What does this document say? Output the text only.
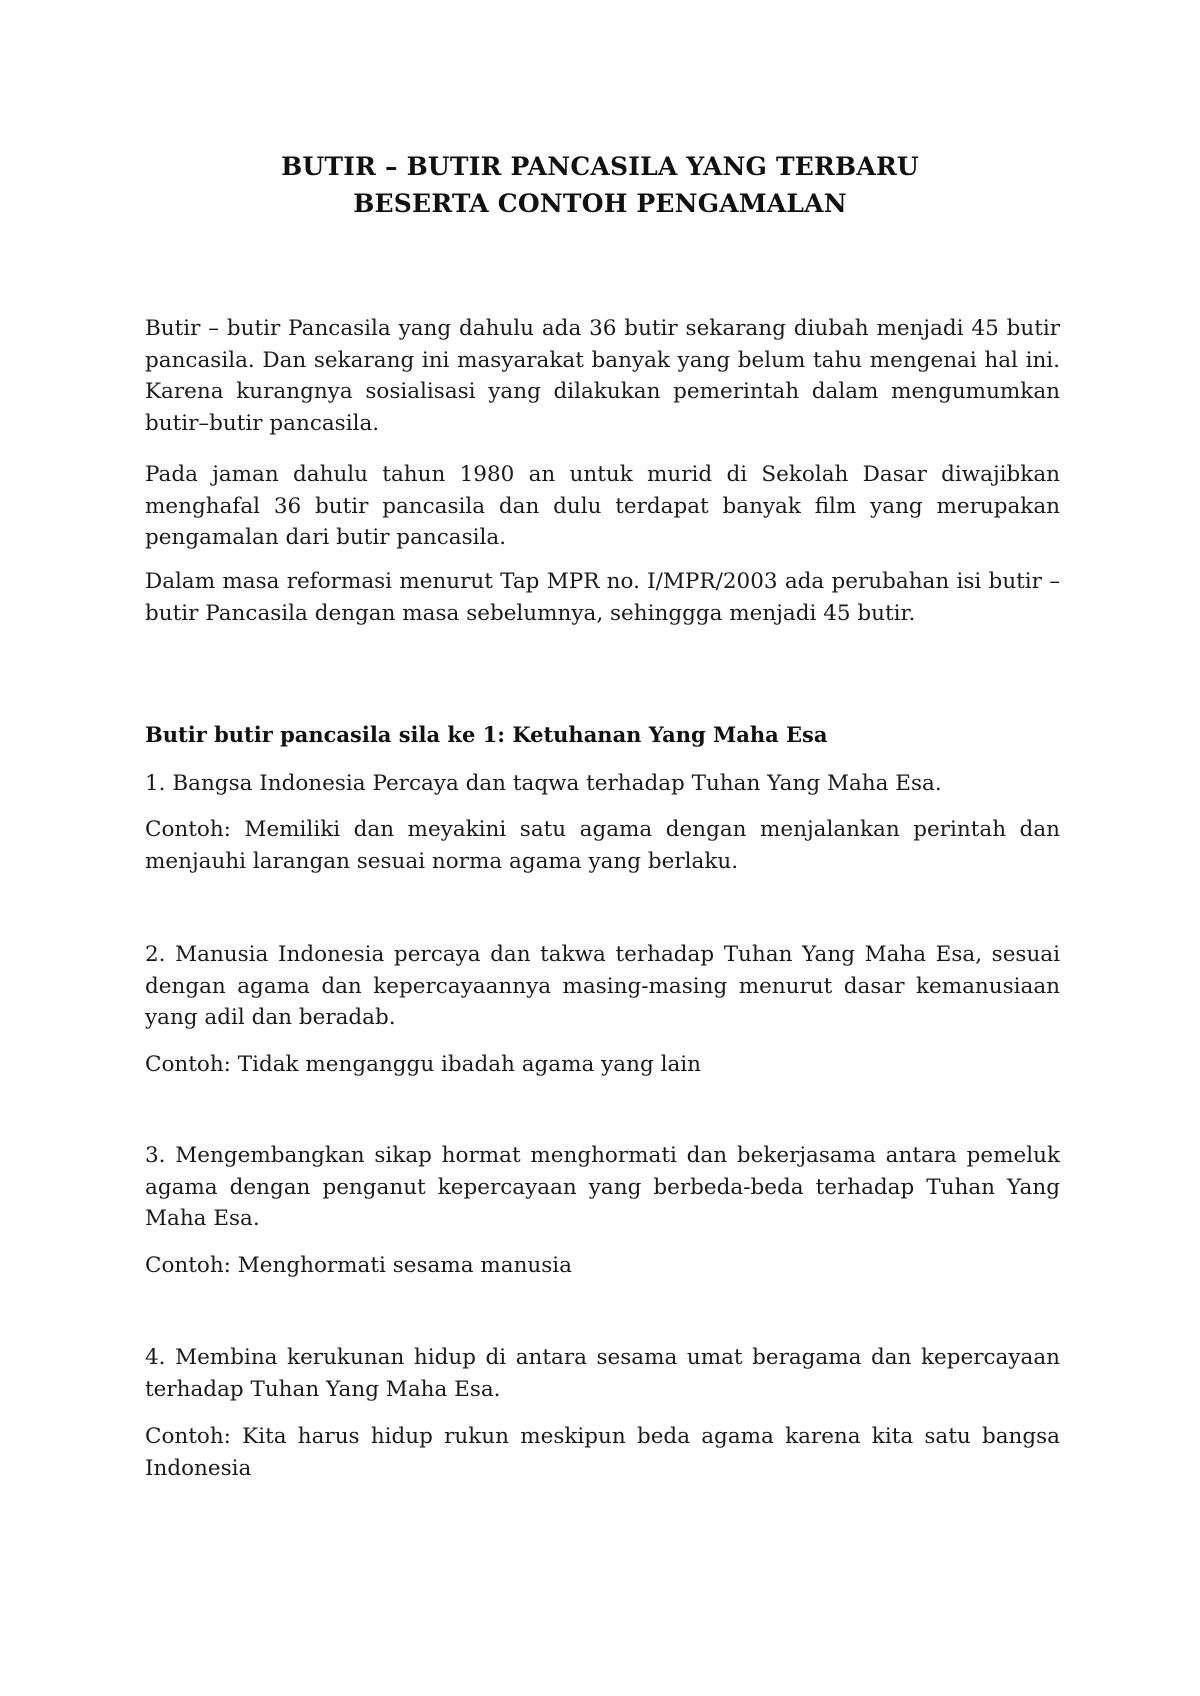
BUTIR – BUTIR PANCASILA YANG TERBARU
BESERTA CONTOH PENGAMALAN
Butir – butir Pancasila yang dahulu ada 36 butir sekarang diubah menjadi 45 butir pancasila. Dan sekarang ini masyarakat banyak yang belum tahu mengenai hal ini. Karena kurangnya sosialisasi yang dilakukan pemerintah dalam mengumumkan butir–butir pancasila.
Pada jaman dahulu tahun 1980 an untuk murid di Sekolah Dasar diwajibkan menghafal 36 butir pancasila dan dulu terdapat banyak film yang merupakan pengamalan dari butir pancasila.
Dalam masa reformasi menurut Tap MPR no. I/MPR/2003 ada perubahan isi butir – butir Pancasila dengan masa sebelumnya, sehinggga menjadi 45 butir.
Butir butir pancasila sila ke 1: Ketuhanan Yang Maha Esa
1. Bangsa Indonesia Percaya dan taqwa terhadap Tuhan Yang Maha Esa.
Contoh: Memiliki dan meyakini satu agama dengan menjalankan perintah dan menjauhi larangan sesuai norma agama yang berlaku.
2. Manusia Indonesia percaya dan takwa terhadap Tuhan Yang Maha Esa, sesuai dengan agama dan kepercayaannya masing-masing menurut dasar kemanusiaan yang adil dan beradab.
Contoh: Tidak menganggu ibadah agama yang lain
3. Mengembangkan sikap hormat menghormati dan bekerjasama antara pemeluk agama dengan penganut kepercayaan yang berbeda-beda terhadap Tuhan Yang Maha Esa.
Contoh: Menghormati sesama manusia
4. Membina kerukunan hidup di antara sesama umat beragama dan kepercayaan terhadap Tuhan Yang Maha Esa.
Contoh: Kita harus hidup rukun meskipun beda agama karena kita satu bangsa Indonesia
